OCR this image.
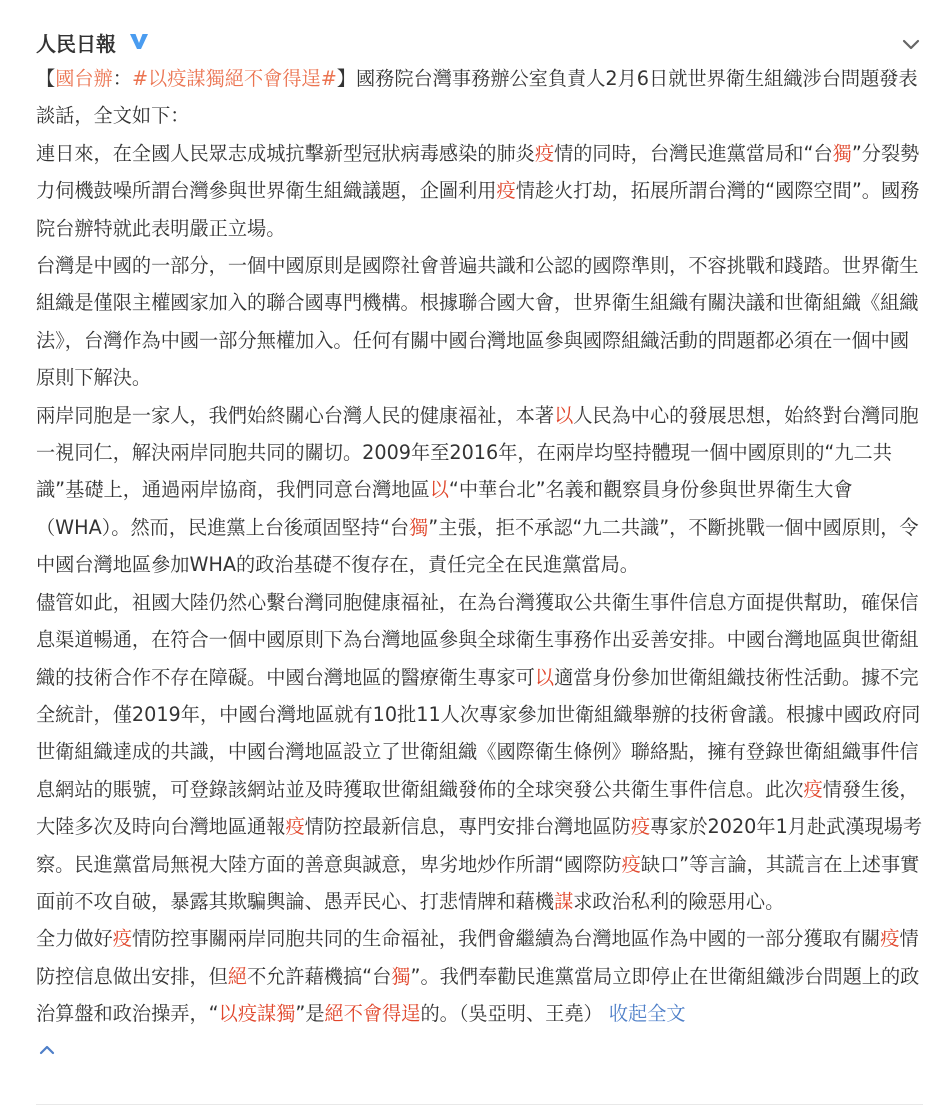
人民日報

【國台辦：#以疫謀獨絕不會得逞#】國務院台灣事務辦公室負責人2月6日就世界衛生組織涉台問題發表談話，全文如下：

連日來，在全國人民眾志成城抗擊新型冠狀病毒感染的肺炎疫情的同時，台灣民進黨當局和“台獨”分裂勢力伺機鼓噪所謂台灣參與世界衛生組織議題，企圖利用疫情趁火打劫，拓展所謂台灣的“國際空間”。國務院台辦特就此表明嚴正立場。

台灣是中國的一部分，一個中國原則是國際社會普遍共識和公認的國際準則，不容挑戰和踐踏。世界衛生組織是僅限主權國家加入的聯合國專門機構。根據聯合國大會，世界衛生組織有關決議和世衛組織《組織法》，台灣作為中國一部分無權加入。任何有關中國台灣地區參與國際組織活動的問題都必須在一個中國原則下解決。

兩岸同胞是一家人，我們始終關心台灣人民的健康福祉，本著以人民為中心的發展思想，始終對台灣同胞一視同仁，解決兩岸同胞共同的關切。2009年至2016年，在兩岸均堅持體現一個中國原則的“九二共識”基礎上，通過兩岸協商，我們同意台灣地區以“中華台北”名義和觀察員身份參與世界衛生大會（WHA）。然而，民進黨上台後頑固堅持“台獨”主張，拒不承認“九二共識”，不斷挑戰一個中國原則，令中國台灣地區參加WHA的政治基礎不復存在，責任完全在民進黨當局。

儘管如此，祖國大陸仍然心繫台灣同胞健康福祉，在為台灣獲取公共衛生事件信息方面提供幫助，確保信息渠道暢通，在符合一個中國原則下為台灣地區參與全球衛生事務作出妥善安排。中國台灣地區與世衛組織的技術合作不存在障礙。中國台灣地區的醫療衛生專家可以適當身份參加世衛組織技術性活動。據不完全統計，僅2019年，中國台灣地區就有10批11人次專家參加世衛組織舉辦的技術會議。根據中國政府同世衛組織達成的共識，中國台灣地區設立了世衛組織《國際衛生條例》聯絡點，擁有登錄世衛組織事件信息網站的賬號，可登錄該網站並及時獲取世衛組織發佈的全球突發公共衛生事件信息。此次疫情發生後，大陸多次及時向台灣地區通報疫情防控最新信息，專門安排台灣地區防疫專家於2020年1月赴武漢現場考察。民進黨當局無視大陸方面的善意與誠意，卑劣地炒作所謂“國際防疫缺口”等言論，其謊言在上述事實面前不攻自破，暴露其欺騙輿論、愚弄民心、打悲情牌和藉機謀求政治私利的險惡用心。

全力做好疫情防控事關兩岸同胞共同的生命福祉，我們會繼續為台灣地區作為中國的一部分獲取有關疫情防控信息做出安排，但絕不允許藉機搞“台獨”。我們奉勸民進黨當局立即停止在世衛組織涉台問題上的政治算盤和政治操弄，“以疫謀獨”是絕不會得逞的。（吳亞明、王堯） 收起全文
